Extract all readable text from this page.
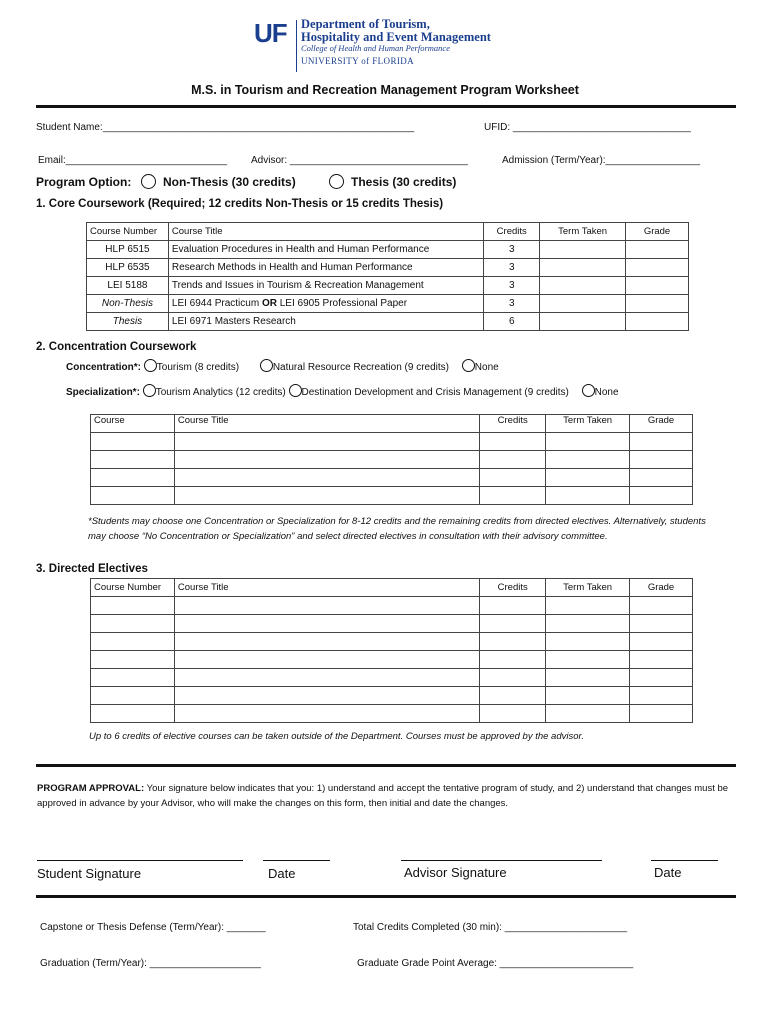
UF Department of Tourism,
Hospitality and Event Management
College of Health and Human Performance
UNIVERSITY of FLORIDA
M.S. in Tourism and Recreation Management Program Worksheet
Student Name:________________________________________________________	UFID: ________________________________
Email:_____________________________ Advisor: ________________________________	Admission (Term/Year):_________________
Program Option:	Non-Thesis (30 credits)	Thesis (30 credits)
1. Core Coursework (Required; 12 credits Non-Thesis or 15 credits Thesis)
Course Number	Course Title	Credits	Term Taken	Grade
HLP 6515	Evaluation Procedures in Health and Human Performance	3		
HLP 6535	Research Methods in Health and Human Performance	3		
LEI 5188	Trends and Issues in Tourism & Recreation Management	3		
Non-Thesis	LEI 6944 Practicum OR LEI 6905 Professional Paper	3		
Thesis	LEI 6971 Masters Research	6		
2. Concentration Coursework
Concentration*: Tourism (8 credits)	Natural Resource Recreation (9 credits)	None
Specialization*: Tourism Analytics (12 credits) Destination Development and Crisis Management (9 credits)	None
Course	Course Title	Credits	Term Taken	Grade

*Students may choose one Concentration or Specialization for 8-12 credits and the remaining credits from directed electives. Alternatively, students may choose “No Concentration or Specialization” and select directed electives in consultation with their advisory committee.
3. Directed Electives
Course Number	Course Title	Credits	Term Taken	Grade

Up to 6 credits of elective courses can be taken outside of the Department. Courses must be approved by the advisor.
PROGRAM APPROVAL: Your signature below indicates that you: 1) understand and accept the tentative program of study, and 2) understand that changes must be approved in advance by your Advisor, who will make the changes on this form, then initial and date the changes.
Student Signature	Date	Advisor Signature	Date
Capstone or Thesis Defense (Term/Year): _______	Total Credits Completed (30 min): ______________________
Graduation (Term/Year): ____________________	Graduate Grade Point Average: ________________________
